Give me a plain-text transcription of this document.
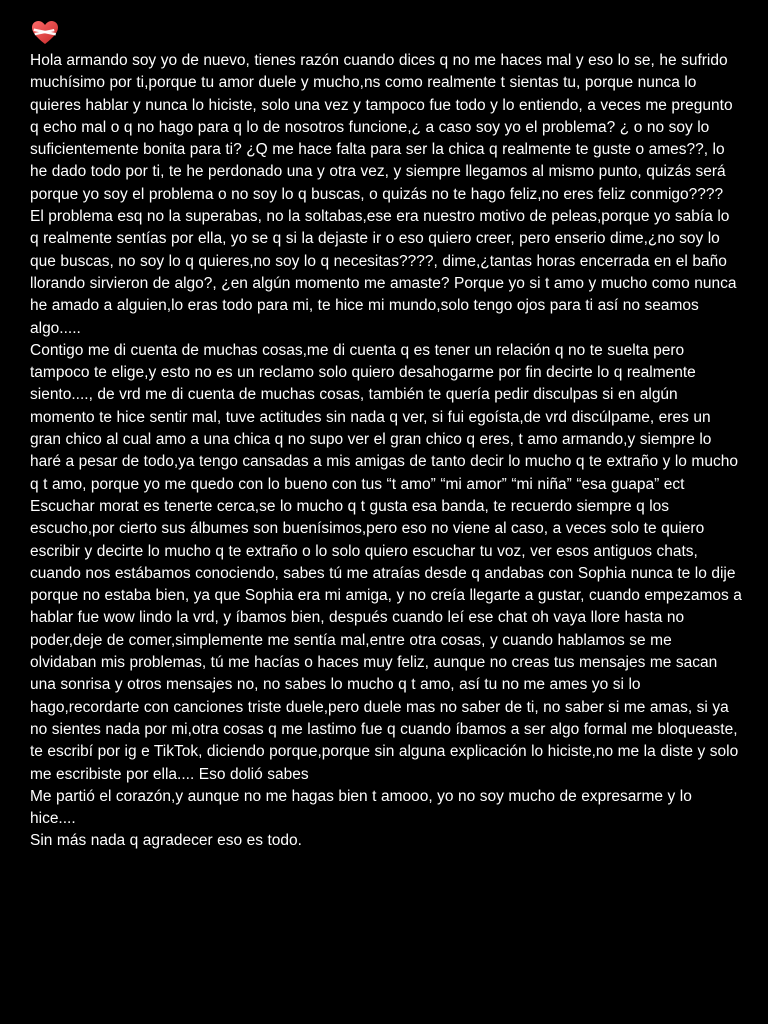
Hola armando soy yo de nuevo, tienes razón cuando dices q no me haces mal y eso lo se, he sufrido muchísimo por ti,porque tu amor duele y mucho,ns como realmente t sientas tu, porque nunca lo quieres hablar y nunca lo hiciste, solo una vez y tampoco fue todo y lo entiendo, a veces me pregunto q echo mal o q no hago para q lo de nosotros funcione,¿ a caso soy yo el problema? ¿ o no soy lo suficientemente bonita para ti? ¿Q me hace falta para ser la chica q realmente te guste o ames??, lo he dado todo por ti, te he perdonado una y otra vez, y siempre llegamos al mismo punto, quizás será porque yo soy el problema o no soy lo q buscas, o quizás no te hago feliz,no eres feliz conmigo????

El problema esq no la superabas, no la soltabas,ese era nuestro motivo de peleas,porque yo sabía lo q realmente sentías por ella, yo se q si la dejaste ir o eso quiero creer, pero enserio dime,¿no soy lo que buscas, no soy lo q quieres,no soy lo q necesitas????, dime,¿tantas horas encerrada en el baño llorando sirvieron de algo?, ¿en algún momento me amaste? Porque yo si t amo y mucho como nunca he amado a alguien,lo eras todo para mi, te hice mi mundo,solo tengo ojos para ti así no seamos algo.....

Contigo me di cuenta de muchas cosas,me di cuenta q es tener un relación q no te suelta pero tampoco te elige,y esto no es un reclamo solo quiero desahogarme por fin decirte lo q realmente siento...., de vrd me di cuenta de muchas cosas, también te quería pedir disculpas si en algún momento te hice sentir mal, tuve actitudes sin nada q ver, si fui egoísta,de vrd discúlpame, eres un gran chico al cual amo a una chica q no supo ver el gran chico q eres, t amo armando,y siempre lo haré a pesar de todo,ya tengo cansadas a mis amigas de tanto decir lo mucho q te extraño y lo mucho q t amo, porque yo me quedo con lo bueno con tus “t amo” “mi amor” “mi niña” “esa guapa” ect

Escuchar morat es tenerte cerca,se lo mucho q t gusta esa banda, te recuerdo siempre q los escucho,por cierto sus álbumes son buenísimos,pero eso no viene al caso, a veces solo te quiero escribir y decirte lo mucho q te extraño o lo solo quiero escuchar tu voz, ver esos antiguos chats, cuando nos estábamos conociendo, sabes tú me atraías desde q andabas con Sophia nunca te lo dije porque no estaba bien, ya que Sophia era mi amiga, y no creía llegarte a gustar, cuando empezamos a hablar fue wow lindo la vrd, y íbamos bien, después cuando leí ese chat oh vaya llore hasta no poder,deje de comer,simplemente me sentía mal,entre otra cosas, y cuando hablamos se me olvidaban mis problemas, tú me hacías o haces muy feliz, aunque no creas tus mensajes me sacan una sonrisa y otros mensajes no, no sabes lo mucho q t amo, así tu no me ames yo si lo hago,recordarte con canciones triste duele,pero duele mas no saber de ti, no saber si me amas, si ya no sientes nada por mi,otra cosas q me lastimo fue q cuando íbamos a ser algo formal me bloqueaste, te escribí por ig e TikTok, diciendo porque,porque sin alguna explicación lo hiciste,no me la diste y solo me escribiste por ella.... Eso dolió sabes

Me partió el corazón,y aunque no me hagas bien t amooo, yo no soy mucho de expresarme y lo hice....

Sin más nada q agradecer eso es todo.
